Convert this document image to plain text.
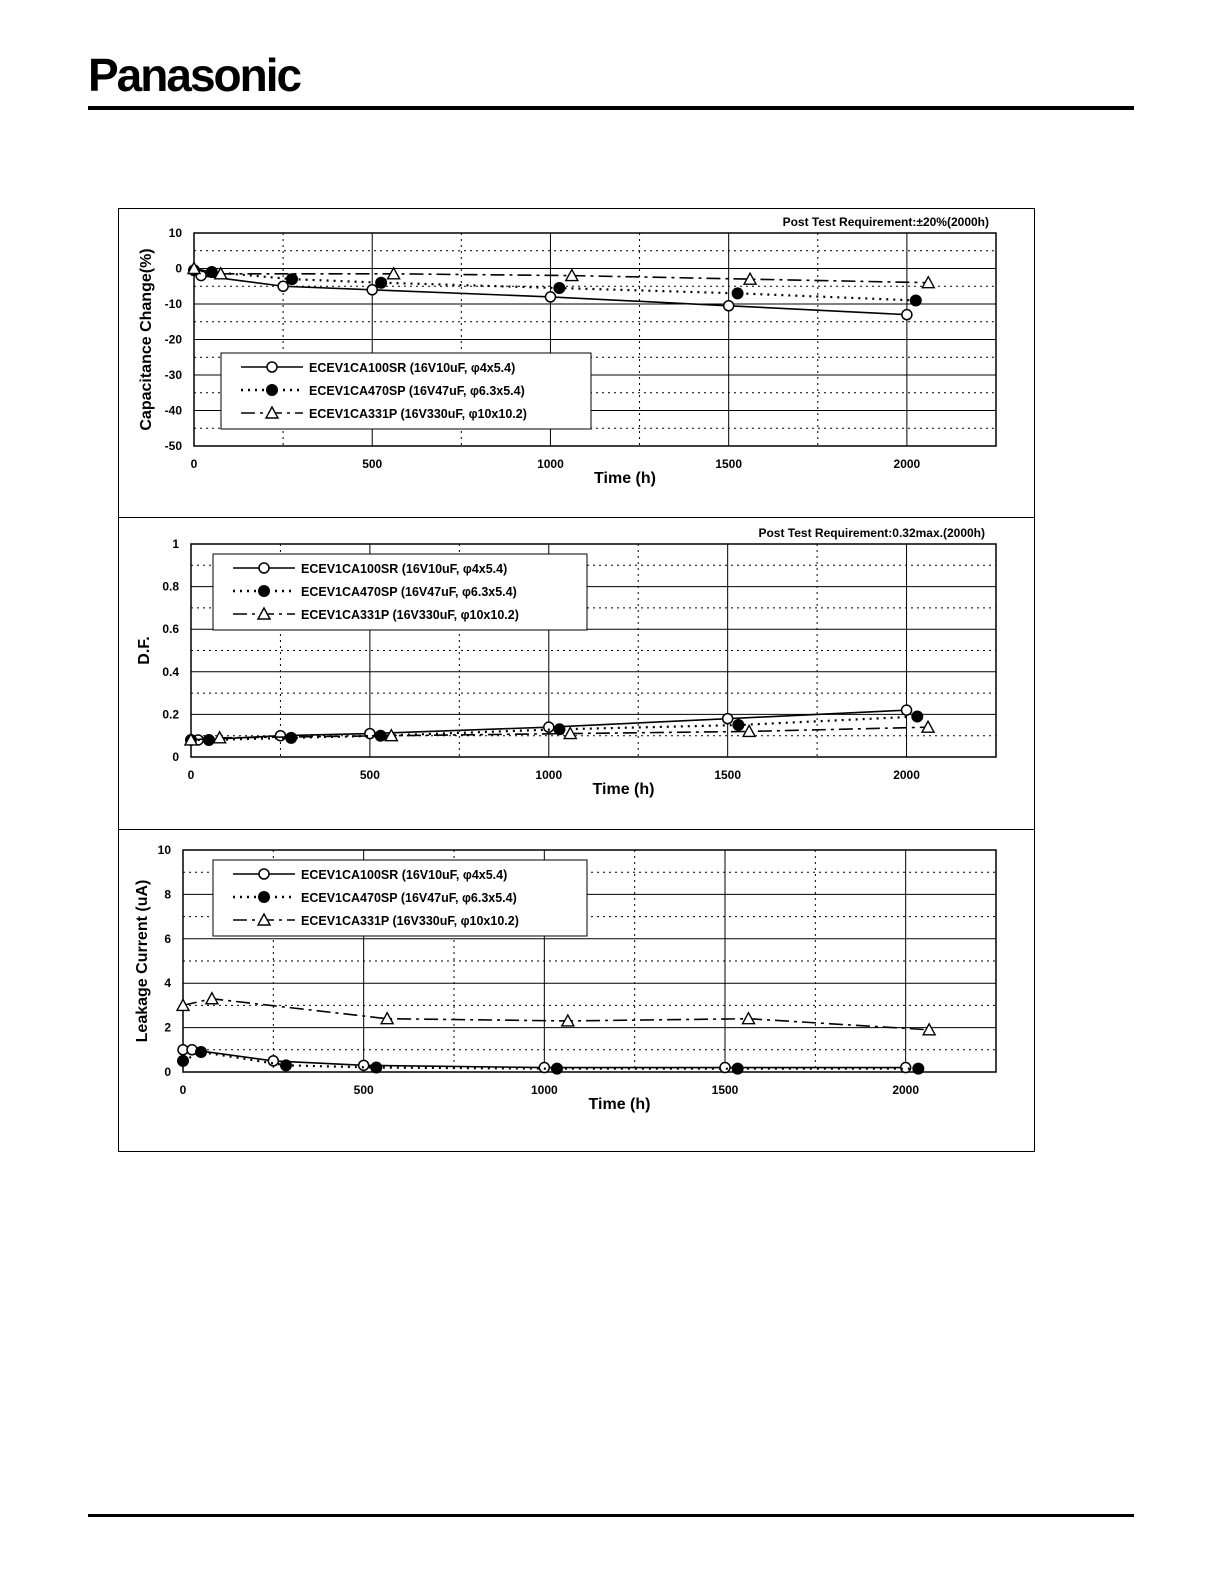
Panasonic
10
0
-10
-20
-30
-40
-50
0	500	1000	1500	2000
Time (h)
Capacitance Change(%)
Post Test Requirement:±20%(2000h)
ECEV1CA100SR (16V10uF, φ4x5.4)
ECEV1CA470SP (16V47uF, φ6.3x5.4)
ECEV1CA331P (16V330uF, φ10x10.2)
1
0.8
0.6
0.4
0.2
0
0	500	1000	1500	2000
Time (h)
D.F.
Post Test Requirement:0.32max.(2000h)
ECEV1CA100SR (16V10uF, φ4x5.4)
ECEV1CA470SP (16V47uF, φ6.3x5.4)
ECEV1CA331P (16V330uF, φ10x10.2)
10
8
6
4
2
0
0	500	1000	1500	2000
Time (h)
Leakage Current (uA)
ECEV1CA100SR (16V10uF, φ4x5.4)
ECEV1CA470SP (16V47uF, φ6.3x5.4)
ECEV1CA331P (16V330uF, φ10x10.2)
